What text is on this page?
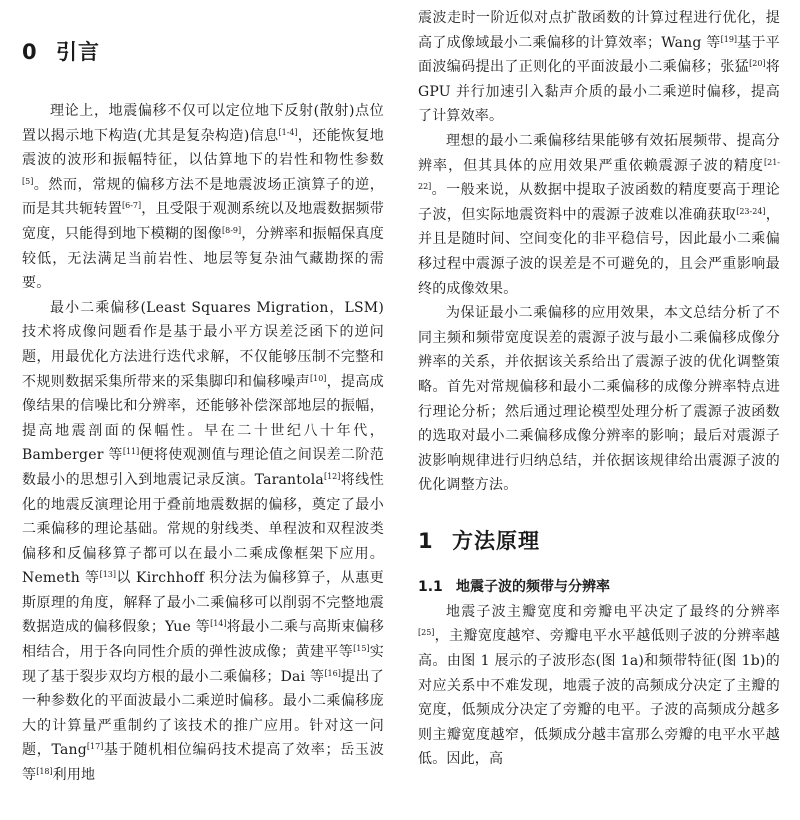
0 引言

理论上，地震偏移不仅可以定位地下反射(散射)点位置以揭示地下构造(尤其是复杂构造)信息[1-4]，还能恢复地震波的波形和振幅特征，以估算地下的岩性和物性参数[5]。然而，常规的偏移方法不是地震波场正演算子的逆，而是其共轭转置[6-7]，且受限于观测系统以及地震数据频带宽度，只能得到地下模糊的图像[8-9]，分辨率和振幅保真度较低，无法满足当前岩性、地层等复杂油气藏勘探的需要。

最小二乘偏移(Least Squares Migration，LSM)技术将成像问题看作是基于最小平方误差泛函下的逆问题，用最优化方法进行迭代求解，不仅能够压制不完整和不规则数据采集所带来的采集脚印和偏移噪声[10]，提高成像结果的信噪比和分辨率，还能够补偿深部地层的振幅，提高地震剖面的保幅性。早在二十世纪八十年代，Bamberger 等[11]便将使观测值与理论值之间误差二阶范数最小的思想引入到地震记录反演。Tarantola[12]将线性化的地震反演理论用于叠前地震数据的偏移，奠定了最小二乘偏移的理论基础。常规的射线类、单程波和双程波类偏移和反偏移算子都可以在最小二乘成像框架下应用。Nemeth 等[13]以 Kirchhoff 积分法为偏移算子，从惠更斯原理的角度，解释了最小二乘偏移可以削弱不完整地震数据造成的偏移假象；Yue 等[14]将最小二乘与高斯束偏移相结合，用于各向同性介质的弹性波成像；黄建平等[15]实现了基于裂步双均方根的最小二乘偏移；Dai 等[16]提出了一种参数化的平面波最小二乘逆时偏移。最小二乘偏移庞大的计算量严重制约了该技术的推广应用。针对这一问题，Tang[17]基于随机相位编码技术提高了效率；岳玉波等[18]利用地

震波走时一阶近似对点扩散函数的计算过程进行优化，提高了成像域最小二乘偏移的计算效率；Wang 等[19]基于平面波编码提出了正则化的平面波最小二乘偏移；张猛[20]将 GPU 并行加速引入黏声介质的最小二乘逆时偏移，提高了计算效率。

理想的最小二乘偏移结果能够有效拓展频带、提高分辨率，但其具体的应用效果严重依赖震源子波的精度[21-22]。一般来说，从数据中提取子波函数的精度要高于理论子波，但实际地震资料中的震源子波难以准确获取[23-24]，并且是随时间、空间变化的非平稳信号，因此最小二乘偏移过程中震源子波的误差是不可避免的，且会严重影响最终的成像效果。

为保证最小二乘偏移的应用效果，本文总结分析了不同主频和频带宽度误差的震源子波与最小二乘偏移成像分辨率的关系，并依据该关系给出了震源子波的优化调整策略。首先对常规偏移和最小二乘偏移的成像分辨率特点进行理论分析；然后通过理论模型处理分析了震源子波函数的选取对最小二乘偏移成像分辨率的影响；最后对震源子波影响规律进行归纳总结，并依据该规律给出震源子波的优化调整方法。

1 方法原理
1.1 地震子波的频带与分辨率

地震子波主瓣宽度和旁瓣电平决定了最终的分辨率[25]，主瓣宽度越窄、旁瓣电平水平越低则子波的分辨率越高。由图 1 展示的子波形态(图 1a)和频带特征(图 1b)的对应关系中不难发现，地震子波的高频成分决定了主瓣的宽度，低频成分决定了旁瓣的电平。子波的高频成分越多则主瓣宽度越窄，低频成分越丰富那么旁瓣的电平水平越低。因此，高
